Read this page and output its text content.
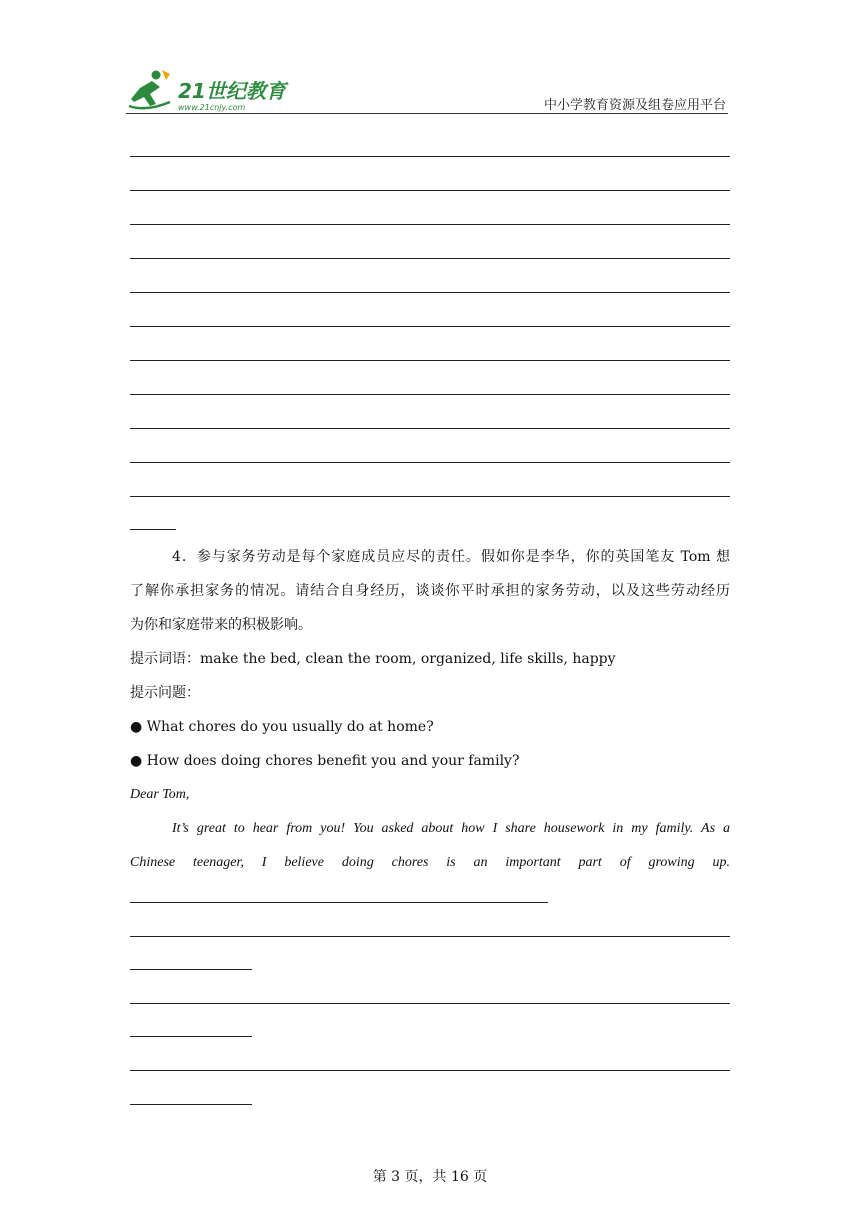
21世纪教育
www.21cnjy.com	中小学教育资源及组卷应用平台

4．参与家务劳动是每个家庭成员应尽的责任。假如你是李华，你的英国笔友 Tom 想

了解你承担家务的情况。请结合自身经历，谈谈你平时承担的家务劳动，以及这些劳动经历

为你和家庭带来的积极影响。

提示词语：make the bed, clean the room, organized, life skills, happy

提示问题：

● What chores do you usually do at home?

● How does doing chores benefit you and your family?

Dear Tom,

It’s great to hear from you! You asked about how I share housework in my family. As a

Chinese teenager, I believe doing chores is an important part of growing up.

第 3 页，共 16 页
